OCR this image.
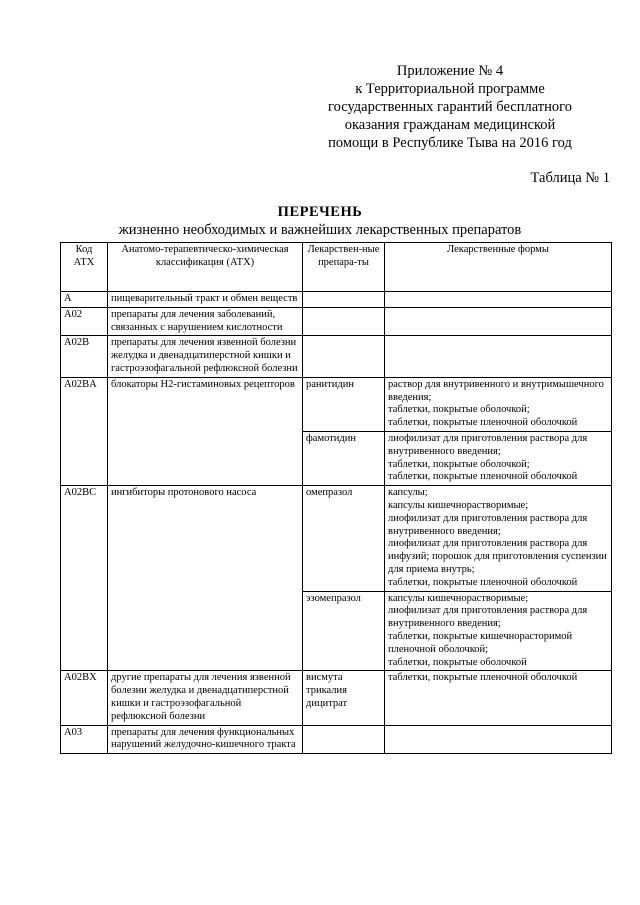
Приложение № 4
к Территориальной программе
государственных гарантий бесплатного
оказания гражданам медицинской
помощи в Республике Тыва на 2016 год
Таблица № 1
ПЕРЕЧЕНЬ
жизненно необходимых и важнейших лекарственных препаратов
Код АТХ	Анатомо-терапевтическо-химическая классификация (АТХ)	Лекарствен-ные препара-ты	Лекарственные формы
А	пищеварительный тракт и обмен веществ		
A02	препараты для лечения заболеваний, связанных с нарушением кислотности		
A02B	препараты для лечения язвенной болезни желудка и двенадцатиперстной кишки и гастроэзофагальной рефлюксной болезни		
A02BA	блокаторы Н2-гистаминовых рецепторов	ранитидин	раствор для внутривенного и внутримышечного введения;
таблетки, покрытые оболочкой;
таблетки, покрытые пленочной оболочкой

		фамотидин	лиофилизат для приготовления раствора для внутривенного введения;
таблетки, покрытые оболочкой;
таблетки, покрытые пленочной оболочкой

A02BC	ингибиторы протонового насоса	омепразол	капсулы;
капсулы кишечнорастворимые;
лиофилизат для приготовления раствора для внутривенного введения;
лиофилизат для приготовления раствора для инфузий; порошок для приготовления суспензии для приема внутрь;
таблетки, покрытые пленочной оболочкой

		эзомепразол	капсулы кишечнорастворимые;
лиофилизат для приготовления раствора для внутривенного введения;
таблетки, покрытые кишечнорасторимой пленочной оболочкой;
таблетки, покрытые оболочкой

A02BX	другие препараты для лечения язвенной болезни желудка и двенадцатиперстной кишки и гастроэзофагальной рефлюксной болезни	висмута трикалия дицитрат	таблетки, покрытые пленочной оболочкой

A03	препараты для лечения функциональных нарушений желудочно-кишечного тракта		
